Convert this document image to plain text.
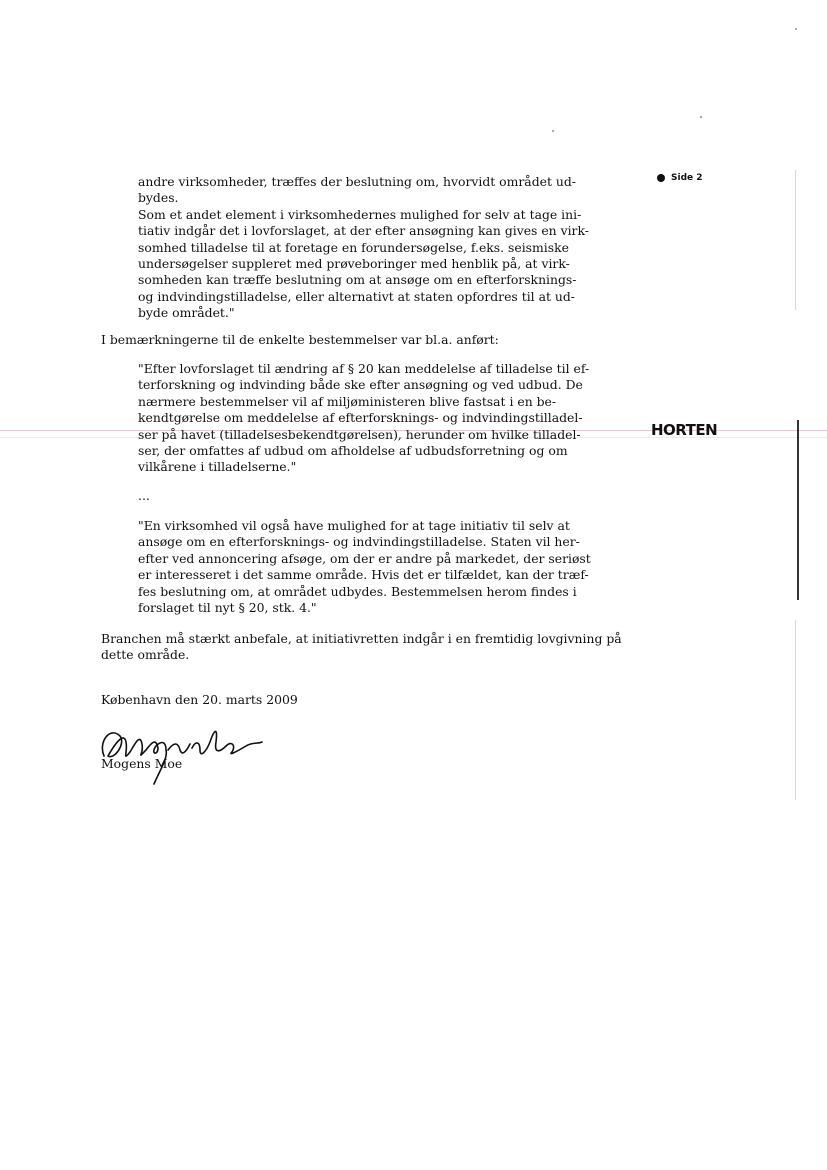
Side 2
HORTEN
andre virksomheder, træffes der beslutning om, hvorvidt området ud-
bydes.
Som et andet element i virksomhedernes mulighed for selv at tage ini-
tiativ indgår det i lovforslaget, at der efter ansøgning kan gives en virk-
somhed tilladelse til at foretage en forundersøgelse, f.eks. seismiske
undersøgelser suppleret med prøveboringer med henblik på, at virk-
somheden kan træffe beslutning om at ansøge om en efterforsknings-
og indvindingstilladelse, eller alternativt at staten opfordres til at ud-
byde området."
I bemærkningerne til de enkelte bestemmelser var bl.a. anført:
"Efter lovforslaget til ændring af § 20 kan meddelelse af tilladelse til ef-
terforskning og indvinding både ske efter ansøgning og ved udbud. De
nærmere bestemmelser vil af miljøministeren blive fastsat i en be-
kendtgørelse om meddelelse af efterforsknings- og indvindingstilladel-
ser på havet (tilladelsesbekendtgørelsen), herunder om hvilke tilladel-
ser, der omfattes af udbud om afholdelse af udbudsforretning og om
vilkårene i tilladelserne."
...
"En virksomhed vil også have mulighed for at tage initiativ til selv at
ansøge om en efterforsknings- og indvindingstilladelse. Staten vil her-
efter ved annoncering afsøge, om der er andre på markedet, der seriøst
er interesseret i det samme område. Hvis det er tilfældet, kan der træf-
fes beslutning om, at området udbydes. Bestemmelsen herom findes i
forslaget til nyt § 20, stk. 4."
Branchen må stærkt anbefale, at initiativretten indgår i en fremtidig lovgivning på
dette område.
København den 20. marts 2009
Mogens Moe
